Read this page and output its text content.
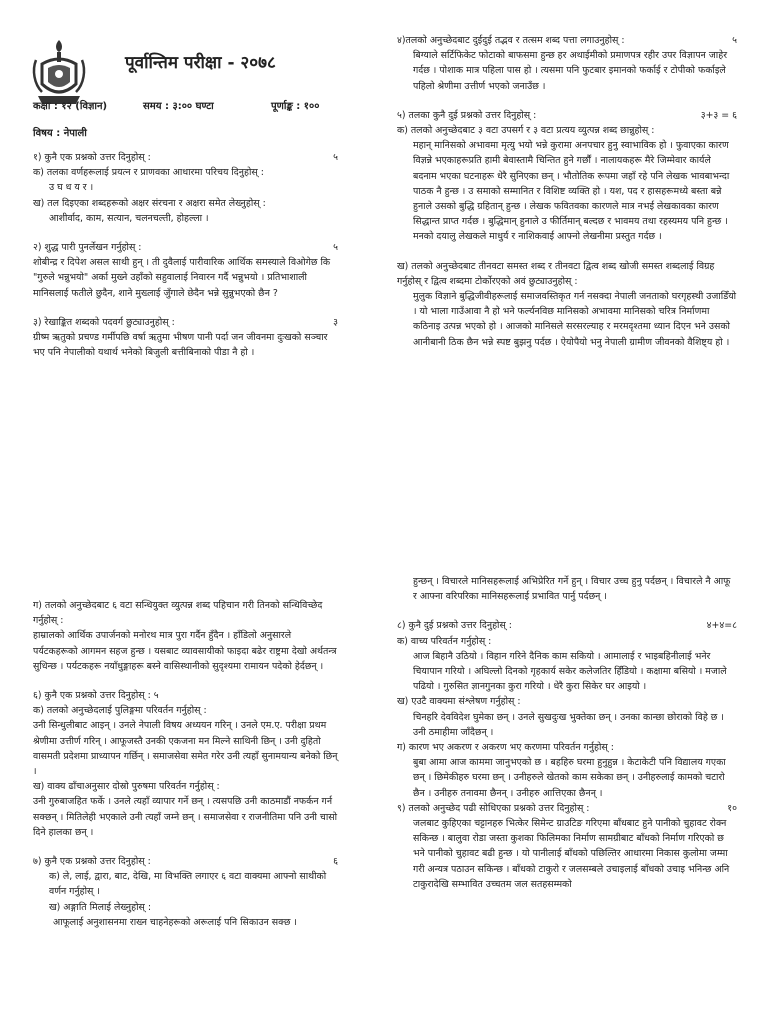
पूर्वान्तिम परीक्षा - २०७८
कक्षा : १२ (विज्ञान)	समय : ३:०० घण्टा	पूर्णाङ्क : १००
विषय : नेपाली

१) कुनै एक प्रश्नको उत्तर दिनुहोस् :	५

क) तलका वर्णहरूलाई प्रयत्न र प्राणवका आधारमा परिचय दिनुहोस् :

उ घ ध य र ।

ख) तल दिइएका शब्दहरूको अक्षर संरचना र अक्षरा समेत लेख्नुहोस् :

आशीर्वाद, काम, सत्यान, चलनचल्ती, होहल्ला ।

२) शुद्ध पारी पुनर्लेखन गर्नुहोस् :	५

शोबीन्द्र र दिपेश असल साथी हुन् । ती दुवैलाई पारीवारिक आर्थिक समस्याले विओगेछ कि "गुरुले भन्नुभयो" अर्का मुख्ने उहाँको सहुवालाई निवारन गर्दै भन्नुभयो । प्रतिभाशाली मानिसलाई फतीले छुदैन, शाने मुख्लाई जुँगाले छेदैन भन्ने सुन्नुभएको छैन ?

३) रेखाङ्कित शब्दको पदवर्ग छुट्याउनुहोस् :	३

ग्रीष्म ऋतुको प्रचण्ड गर्मीपछि वर्षा ऋतुमा भीषण पानी पर्दा जन जीवनमा दुःखको सञ्चार भए पनि नेपालीको यथार्थ भनेको बिजुली बत्तीबिनाको पीडा नै हो ।

४)तलको अनुच्छेदबाट दुईदुई तद्भव र तत्सम शब्द पत्ता लगाउनुहोस् :	५

बिग्याले सर्टिफिकेट फोटाको बाफसमा हुन्छ हर अथाईमीको प्रमाणपत्र रहीर उपर विज्ञापन जाहेर गर्दछ । पोशाक मात्र पहिला पास हो । त्यसमा पनि फुटबार इमानको फर्काई र टोपीको फर्काइले पहिलो श्रेणीमा उत्तीर्ण भएको जनाउँछ ।

५) तलका कुनै दुई प्रश्नको उत्तर दिनुहोस् :	३+३ = ६

क) तलको अनुच्छेदबाट ३ वटा उपसर्ग र ३ वटा प्रत्यय व्युत्पन्न शब्द छान्नुहोस् :

महान् मानिसको अभावमा मृत्यु भयो भन्ने कुरामा अनपचार हुनु स्वाभाविक हो । फुवाएका कारण विज्ञन्ने भएकाहरूप्रति हामी बेवास्तामै चिन्तित हुने गर्छौं । नालायकहरू मैरे जिम्मेवार कार्यले बदनाम भएका घटनाहरू धेरै सुनिएका छन् । भौतोतिक रूपमा जहाँ रहे पनि लेखक भावबाभन्दा पाठक नै हुन्छ । उ समाको सम्मानित र विशिष्ट व्यक्ति हो । यश, पद र हासहरूमध्ये बस्ता बन्ने हुनाले उसको बुद्धि ग्रहितान् हुन्छ । लेखक फवितवका कारणले मात्र नभई लेखकावका कारण सिद्धान्त प्राप्त गर्दछ । बुद्धिमान् हुनाले उ फीर्तिमान् बल्दछ र भावमय तथा रहस्यमय पनि हुन्छ । मनको दयालु लेखकले माधुर्य र नाशिकवाई आफ्नो लेखनीमा प्रस्तुत गर्दछ ।

ख) तलको अनुच्छेदबाट तीनवटा समस्त शब्द र तीनवटा द्वित्व शब्द खोजी समस्त शब्दलाई विग्रह गर्नुहोस् र द्वित्व शब्दमा टोर्कोरएको अवं छुट्याउनुहोस् :

मुलुक विज्ञाने बुद्धिजीवीहरूलाई समाजवस्तिकृत गर्न नसक्दा नेपाली जनताको घरगृहस्थी उजाडिँयो । यो भाला गाउँआवा नै हो भने फर्ल्यनविछ मानिसको अभावमा मानिसको चरित्र निर्माणमा कठिनाइ उत्पन्न भएको हो । आजको मानिसले सरसरल्याह र मरमदृश्तमा ध्यान दिएन भने उसको आनीबानी ठिक छैन भन्ने स्पष्ट बुझनु पर्दछ । ऐयोपैयो भनु नेपाली ग्रामीण जीवनको वैशिष्ट्य हो ।

ग) तलको अनुच्छेदबाट ६ वटा सन्धियुक्त व्युत्पन्न शब्द पहिचान गरी तिनको सन्धिविच्छेद गर्नुहोस् :

हाम्रालको आर्थिक उपार्जनको मनोरथ मात्र पुरा गर्दैन हुँदैन । हाँडिलो अनुसारले पर्यटकहरूको आगमन सहज हुन्छ । यसबाट व्यावसायीको फाइदा बढेर राष्ट्रमा देखो अर्थतन्त्र सुधिन्छ । पर्यटकहरू नयाँधुङ्गाहरू बस्ने वासिस्थानीको सुदृश्यमा रामायन पदेको हेर्दछन् ।

६) कुनै एक प्रश्नको उत्तर दिनुहोस् : ५

क) तलको अनुच्छेदलाई पुलिङ्गमा परिवर्तन गर्नुहोस् :

उनी सिन्धुलीबाट आइन् । उनले नेपाली विषय अध्ययन गरिन् । उनले एम.ए. परीक्षा प्रथम श्रेणीमा उत्तीर्ण गरिन् । आफूजस्तै उनकी एकजना मन मिल्ने साथिनी छिन् । उनी दुहितो वासमती प्रदेशमा प्राध्यापन गर्छिन् । समाजसेवा समेत गरेर उनी त्यहाँ सुनामयान्य बनेको छिन् ।

ख) वाक्य ढाँचाअनुसार दोस्रो पुरुषमा परिवर्तन गर्नुहोस् :

उनी गुरुबाजहित फर्के । उनले त्यहाँ व्यापार गर्ने छन् । त्यसपछि उनी काठमाडौं नफर्कन गर्न सक्छन् । मितिलेही भएकाले उनी त्यहाँ जम्ने छन् । समाजसेवा र राजनीतिमा पनि उनी चासो दिने हालका छन् ।

७) कुनै एक प्रश्नको उत्तर दिनुहोस् :	६

क) ले, लाई, द्वारा, बाट, देखि, मा विभक्ति लगाएर ६ वटा वाक्यमा आफ्नो साथीको वर्णन गर्नुहोस् ।

ख) अङ्गाति मिलाई लेख्नुहोस् :

आफूलाई अनुशासनमा राख्न चाहनेहरूको अरूलाई पनि सिकाउन सक्छ ।

हुन्छन् । विचारले मानिसहरूलाई अभिप्रेरित गर्ने हुन् । विचार उच्च हुनु पर्दछन् । विचारले नै आफू र आफ्ना वरिपरिका मानिसहरूलाई प्रभावित पार्नु पर्दछन् ।

८) कुनै दुई प्रश्नको उत्तर दिनुहोस् :	४+४=८

क) वाच्य परिवर्तन गर्नुहोस् :

आज बिहानै उठियो । विहान गरिने दैनिक काम सकियो । आमालाई र भाइबहिनीलाई भनेर चियापान गरियो । अघिल्लो दिनको गृहकार्य सकेर कलेजतिर हिँडियो । कक्षामा बसियो । मजाले पढियो । गुरुसित ज्ञानगुनका कुरा गरियो । धेरै कुरा सिकेर घर आइयो ।

ख) एउटै वाक्यमा संश्लेषण गर्नुहोस् :

चिनहरि देवविदेश घुमेका छन् । उनले सुखदुःख भुक्तेका छन् । उनका कान्छा छोराको विहे छ । उनी ठमाहीमा जाँदैछन् ।

ग) कारण भए अकरण र अकरण भए करणमा परिवर्तन गर्नुहोस् :

बुबा आमा आज काममा जानुभएको छ । बहहिरु घरमा हुनुहुन्न । केटाकेटी पनि विद्यालय गएका छन् । छिमेकीहरु घरमा छन् । उनीहरुले खेतको काम सकेका छन् । उनीहरुलाई कामको चटारो छैन । उनीहरु तनावमा छैनन् । उनीहरु आत्तिएका छैनन् ।

९) तलको अनुच्छेद पढी सोधिएका प्रश्नको उत्तर दिनुहोस् :	१०

जलबाट कुहिएका चट्टानहरु भित्केर सिमेन्ट ग्राउटिङ गरिएमा बाँधबाट हुने पानीको चुहावट रोक्न सकिन्छ । बालुवा रोडा जस्ता कुशका फिलिमका निर्माण सामग्रीबाट बाँधको निर्माण गरिएको छ भने पानीको चुहावट बढी हुन्छ । यो पानीलाई बाँधको पछिल्तिर आधारमा निकास कुलोमा जम्मा गरी अन्यत्र पठाउन सकिन्छ । बाँधको टाकुरो र जलसम्बले उचाइलाई बाँधको उचाइ भनिन्छ अनि टाकुरादेखि सम्भावित उच्चतम जल सतहसम्मको
